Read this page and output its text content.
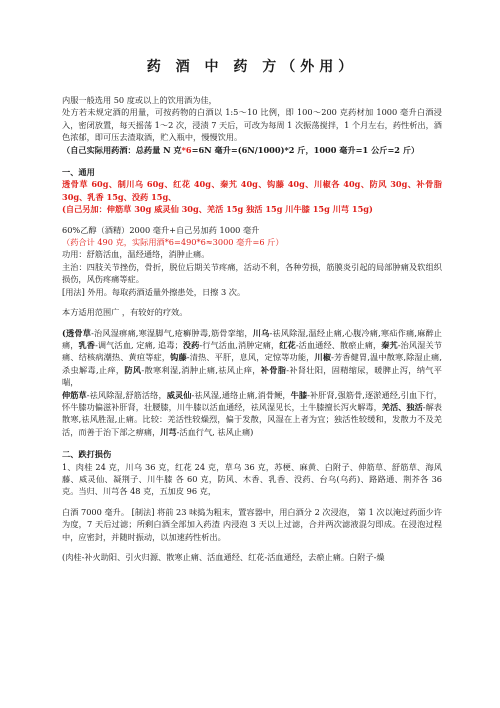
药 酒 中 药 方（外用）

内服一般选用 50 度或以上的饮用酒为佳，

处方若未规定酒的用量，可按药物的白酒以 1:5～10 比例，即 100～200 克药材加 1000 毫升白酒浸入，密闭放置，每天摇荡 1～2 次，浸渍 7 天后，可改为每周 1 次振荡搅拌，1 个月左右，药性析出，酒色浓郁，即可压去渣取酒，贮入瓶中，慢慢饮用。

（自己实际用药酒：总药量 N 克*6=6N 毫升=(6N/1000)*2 斤，1000 毫升=1 公斤=2 斤）

一、通用

透骨草 60g、制川乌 60g、红花 40g、秦艽 40g、钩藤 40g、川椒各 40g、防风 30g、补骨脂 30g、乳香 15g、没药 15g、

(自己另加：伸筋草 30g 威灵仙 30g、羌活 15g 独活 15g 川牛膝 15g 川芎 15g)

60%乙醇（酒精）2000 毫升+自己另加药 1000 毫升

（药合计 490 克，实际用酒*6=490*6≈3000 毫升=6 斤）

功用：舒筋活血，温经通络，消肿止痛。

主治：四肢关节挫伤，骨折，脱位后期关节疼痛，活动不利，各种劳损，筋膜炎引起的局部肿痛及软组织损伤，风伤疼痛等症。

[用法] 外用。每取药酒适量外擦患处，日擦 3 次。

本方适用范围广 ，有较好的疗效。

(透骨草-治风湿痹痛,寒湿脚气,疮癣肿毒,筋骨挛缩，川乌-祛风除湿,温经止痛,心腹冷痛,寒疝作痛,麻醉止痛，乳香-调气活血, 定痛, 追毒；没药-行气活血,消肿定痛，红花-活血通经、散瘀止痛，秦艽-治风湿关节痛、结核病潮热、黄疸等症，钩藤-清热、平肝，息风，定惊等功能，川椒-芳香健胃,温中散寒,除湿止痛,杀虫解毒,止痒，防风-散寒利湿,消肿止痛,祛风止痒，补骨脂-补肾壮阳，固精缩尿，暖脾止泻，纳气平喘，

伸筋草-祛风除湿,舒筋活络，威灵仙-祛风湿,通络止痛,消骨鲠，牛膝-补肝肾,强筋骨,逐淤通经,引血下行，怀牛膝功偏滋补肝肾，壮腰膝，川牛膝以活血通经，祛风湿见长，土牛膝擅长泻火解毒，羌活、独活-解表散寒,祛风胜湿,止痛。比较：羌活性较燥烈，偏于发散，风湿在上者为宜；独活性较缓和，发散力不及羌活，而善于治下部之痹痛，川芎-活血行气, 祛风止痛)

二、跌打损伤

1、肉桂 24 克，川乌 36 克，红花 24 克，草乌 36 克，苏梗、麻黄、白附子、伸筋草、舒筋草、海风藤、威灵仙、凝荆子、川牛膝 各 60 克，防风、木香、乳香、没药、台乌(乌药)、路路通、荆芥各 36 克。当归、川芎各 48 克，五加皮 96 克，

白酒 7000 毫升。 [制法] 将前 23 味捣为粗末，置容器中，用白酒分 2 次浸泡， 第 1 次以淹过药面少许为度，7 天后过滤；所剩白酒全部加入药渣 内浸泡 3 天以上过滤，合并两次滤液混匀即成。在浸泡过程中，应密封，并随时振动，以加速药性析出。

(肉桂-补火助阳、引火归源、散寒止痛、活血通经、红花-活血通经，去瘀止痛。白附子-燥
